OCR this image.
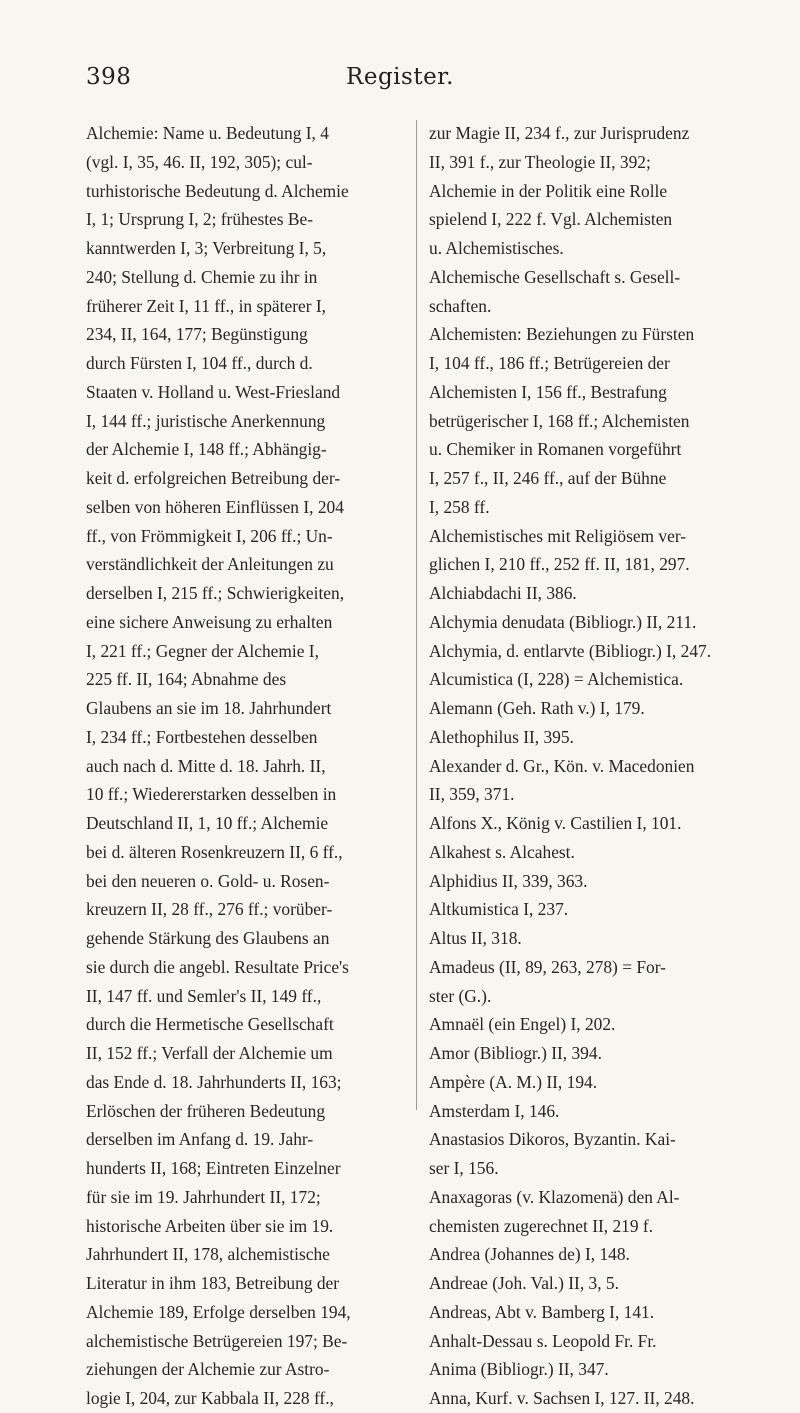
398	Register.
Alchemie: Name u. Bedeutung I, 4
(vgl. I, 35, 46. II, 192, 305); cul-
turhistorische Bedeutung d. Alchemie
I, 1; Ursprung I, 2; frühestes Be-
kanntwerden I, 3; Verbreitung I, 5,
240; Stellung d. Chemie zu ihr in
früherer Zeit I, 11 ff., in späterer I,
234, II, 164, 177; Begünstigung
durch Fürsten I, 104 ff., durch d.
Staaten v. Holland u. West-Friesland
I, 144 ff.; juristische Anerkennung
der Alchemie I, 148 ff.; Abhängig-
keit d. erfolgreichen Betreibung der-
selben von höheren Einflüssen I, 204
ff., von Frömmigkeit I, 206 ff.; Un-
verständlichkeit der Anleitungen zu
derselben I, 215 ff.; Schwierigkeiten,
eine sichere Anweisung zu erhalten
I, 221 ff.; Gegner der Alchemie I,
225 ff. II, 164; Abnahme des
Glaubens an sie im 18. Jahrhundert
I, 234 ff.; Fortbestehen desselben
auch nach d. Mitte d. 18. Jahrh. II,
10 ff.; Wiedererstarken desselben in
Deutschland II, 1, 10 ff.; Alchemie
bei d. älteren Rosenkreuzern II, 6 ff.,
bei den neueren o. Gold- u. Rosen-
kreuzern II, 28 ff., 276 ff.; vorüber-
gehende Stärkung des Glaubens an
sie durch die angebl. Resultate Price's
II, 147 ff. und Semler's II, 149 ff.,
durch die Hermetische Gesellschaft
II, 152 ff.; Verfall der Alchemie um
das Ende d. 18. Jahrhunderts II, 163;
Erlöschen der früheren Bedeutung
derselben im Anfang d. 19. Jahr-
hunderts II, 168; Eintreten Einzelner
für sie im 19. Jahrhundert II, 172;
historische Arbeiten über sie im 19.
Jahrhundert II, 178, alchemistische
Literatur in ihm 183, Betreibung der
Alchemie 189, Erfolge derselben 194,
alchemistische Betrügereien 197; Be-
ziehungen der Alchemie zur Astro-
logie I, 204, zur Kabbala II, 228 ff.,
zur Magie II, 234 f., zur Jurisprudenz
II, 391 f., zur Theologie II, 392;
Alchemie in der Politik eine Rolle
spielend I, 222 f. Vgl. Alchemisten
u. Alchemistisches.
Alchemische Gesellschaft s. Gesell-
schaften.
Alchemisten: Beziehungen zu Fürsten
I, 104 ff., 186 ff.; Betrügereien der
Alchemisten I, 156 ff., Bestrafung
betrügerischer I, 168 ff.; Alchemisten
u. Chemiker in Romanen vorgeführt
I, 257 f., II, 246 ff., auf der Bühne
I, 258 ff.
Alchemistisches mit Religiösem ver-
glichen I, 210 ff., 252 ff. II, 181, 297.
Alchiabdachi II, 386.
Alchymia denudata (Bibliogr.) II, 211.
Alchymia, d. entlarvte (Bibliogr.) I, 247.
Alcumistica (I, 228) = Alchemistica.
Alemann (Geh. Rath v.) I, 179.
Alethophilus II, 395.
Alexander d. Gr., Kön. v. Macedonien
II, 359, 371.
Alfons X., König v. Castilien I, 101.
Alkahest s. Alcahest.
Alphidius II, 339, 363.
Altkumistica I, 237.
Altus II, 318.
Amadeus (II, 89, 263, 278) = For-
ster (G.).
Amnaël (ein Engel) I, 202.
Amor (Bibliogr.) II, 394.
Ampère (A. M.) II, 194.
Amsterdam I, 146.
Anastasios Dikoros, Byzantin. Kai-
ser I, 156.
Anaxagoras (v. Klazomenä) den Al-
chemisten zugerechnet II, 219 f.
Andrea (Johannes de) I, 148.
Andreae (Joh. Val.) II, 3, 5.
Andreas, Abt v. Bamberg I, 141.
Anhalt-Dessau s. Leopold Fr. Fr.
Anima (Bibliogr.) II, 347.
Anna, Kurf. v. Sachsen I, 127. II, 248.
